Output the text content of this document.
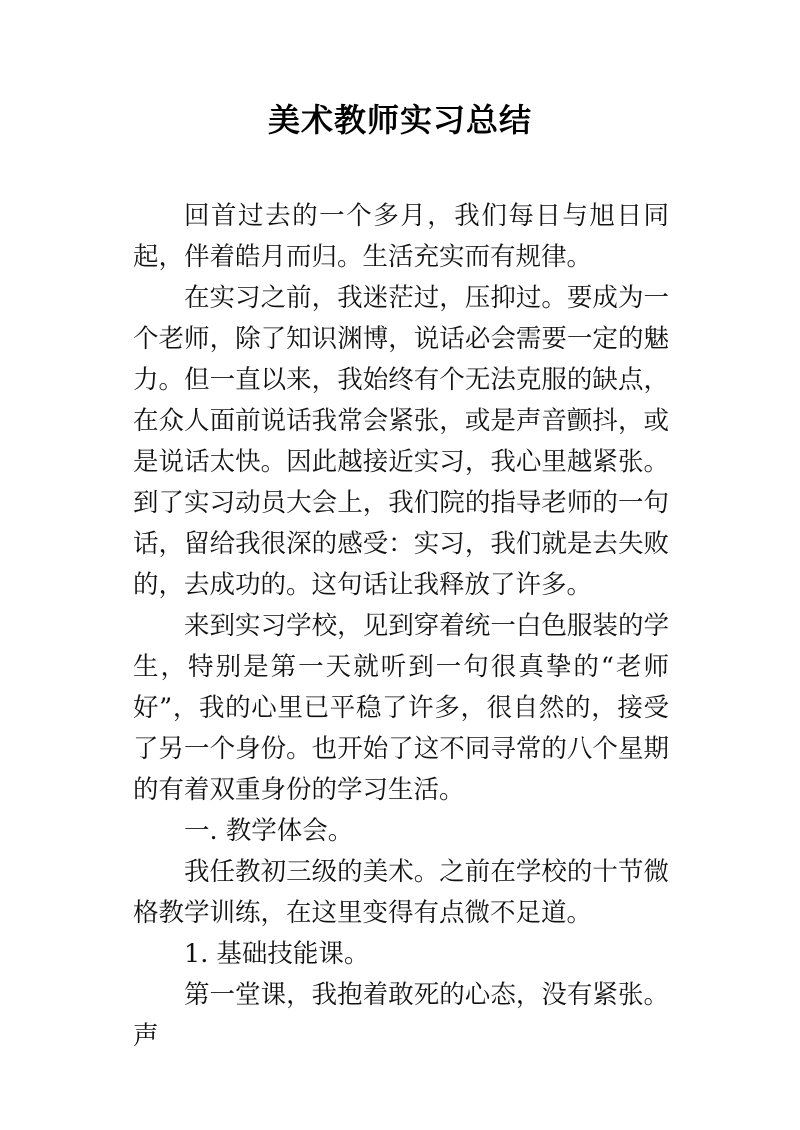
美术教师实习总结

回首过去的一个多月，我们每日与旭日同起，伴着皓月而归。生活充实而有规律。

在实习之前，我迷茫过，压抑过。要成为一个老师，除了知识渊博，说话必会需要一定的魅力。但一直以来，我始终有个无法克服的缺点，在众人面前说话我常会紧张，或是声音颤抖，或是说话太快。因此越接近实习，我心里越紧张。到了实习动员大会上，我们院的指导老师的一句话，留给我很深的感受：实习，我们就是去失败的，去成功的。这句话让我释放了许多。

来到实习学校，见到穿着统一白色服装的学生，特别是第一天就听到一句很真挚的“老师好”，我的心里已平稳了许多，很自然的，接受了另一个身份。也开始了这不同寻常的八个星期的有着双重身份的学习生活。

一. 教学体会。

我任教初三级的美术。之前在学校的十节微格教学训练，在这里变得有点微不足道。

1. 基础技能课。

第一堂课，我抱着敢死的心态，没有紧张。声
